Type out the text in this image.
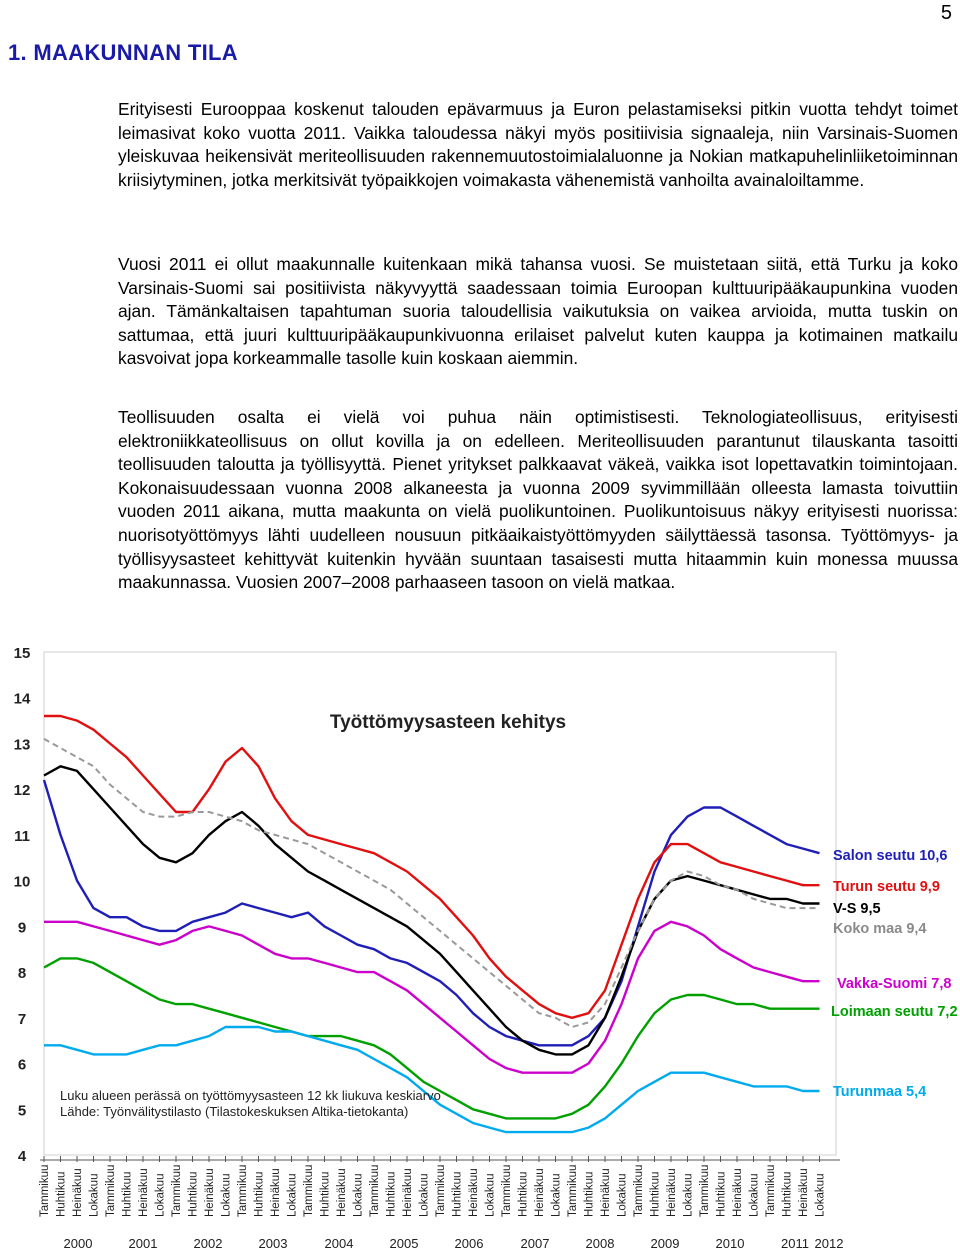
5
1. MAAKUNNAN TILA

Erityisesti Eurooppaa koskenut talouden epävarmuus ja Euron pelastamiseksi pitkin vuotta tehdyt toimet leimasivat koko vuotta 2011. Vaikka taloudessa näkyi myös positiivisia signaaleja, niin Varsinais-Suomen yleiskuvaa heikensivät meriteollisuuden rakennemuutostoimialaluonne ja Nokian matkapuhelinliiketoiminnan kriisiytyminen, jotka merkitsivät työpaikkojen voimakasta vähenemistä vanhoilta avainaloiltamme.

Vuosi 2011 ei ollut maakunnalle kuitenkaan mikä tahansa vuosi. Se muistetaan siitä, että Turku ja koko Varsinais-Suomi sai positiivista näkyvyyttä saadessaan toimia Euroopan kulttuuripääkaupunkina vuoden ajan. Tämänkaltaisen tapahtuman suoria taloudellisia vaikutuksia on vaikea arvioida, mutta tuskin on sattumaa, että juuri kulttuuripääkaupunkivuonna erilaiset palvelut kuten kauppa ja kotimainen matkailu kasvoivat jopa korkeammalle tasolle kuin koskaan aiemmin.

Teollisuuden osalta ei vielä voi puhua näin optimistisesti. Teknologiateollisuus, erityisesti elektroniikkateollisuus on ollut kovilla ja on edelleen. Meriteollisuuden parantunut tilauskanta tasoitti teollisuuden taloutta ja työllisyyttä. Pienet yritykset palkkaavat väkeä, vaikka isot lopettavatkin toimintojaan. Kokonaisuudessaan vuonna 2008 alkaneesta ja vuonna 2009 syvimmillään olleesta lamasta toivuttiin vuoden 2011 aikana, mutta maakunta on vielä puolikuntoinen. Puolikuntoisuus näkyy erityisesti nuorissa: nuorisotyöttömyys lähti uudelleen nousuun pitkäaikaistyöttömyyden säilyttäessä tasonsa. Työttömyys- ja työllisyysasteet kehittyvät kuitenkin hyvään suuntaan tasaisesti mutta hitaammin kuin monessa muussa maakunnassa. Vuosien 2007–2008 parhaaseen tasoon on vielä matkaa.

15
14
13
12
11
10
9
8
7
6
5
4
Salon seutu 10,6
Turun seutu 9,9
V-S 9,5
Koko maa 9,4
Vakka-Suomi 7,8
Loimaan seutu 7,2
Turunmaa 5,4
Tammikuu Huhtikuu Heinäkuu Lokakuu Tammikuu Huhtikuu Heinäkuu Lokakuu Tammikuu Huhtikuu Heinäkuu Lokakuu Tammikuu Huhtikuu Heinäkuu Lokakuu Tammikuu Huhtikuu Heinäkuu Lokakuu Tammikuu Huhtikuu Heinäkuu Lokakuu Tammikuu Huhtikuu Heinäkuu Lokakuu Tammikuu Huhtikuu Heinäkuu Lokakuu Tammikuu Huhtikuu Heinäkuu Lokakuu Tammikuu Huhtikuu Heinäkuu Lokakuu Tammikuu Huhtikuu Heinäkuu Lokakuu Tammikuu Huhtikuu Heinäkuu Lokakuu
2000	2001	2002	2003	2004	2005	2006	2007	2008	2009	2010	2011 2012
Työttömyysasteen kehitys
Luku alueen perässä on työttömyysasteen 12 kk liukuva keskiarvo
Lähde: Työnvälitystilasto (Tilastokeskuksen Altika-tietokanta)
